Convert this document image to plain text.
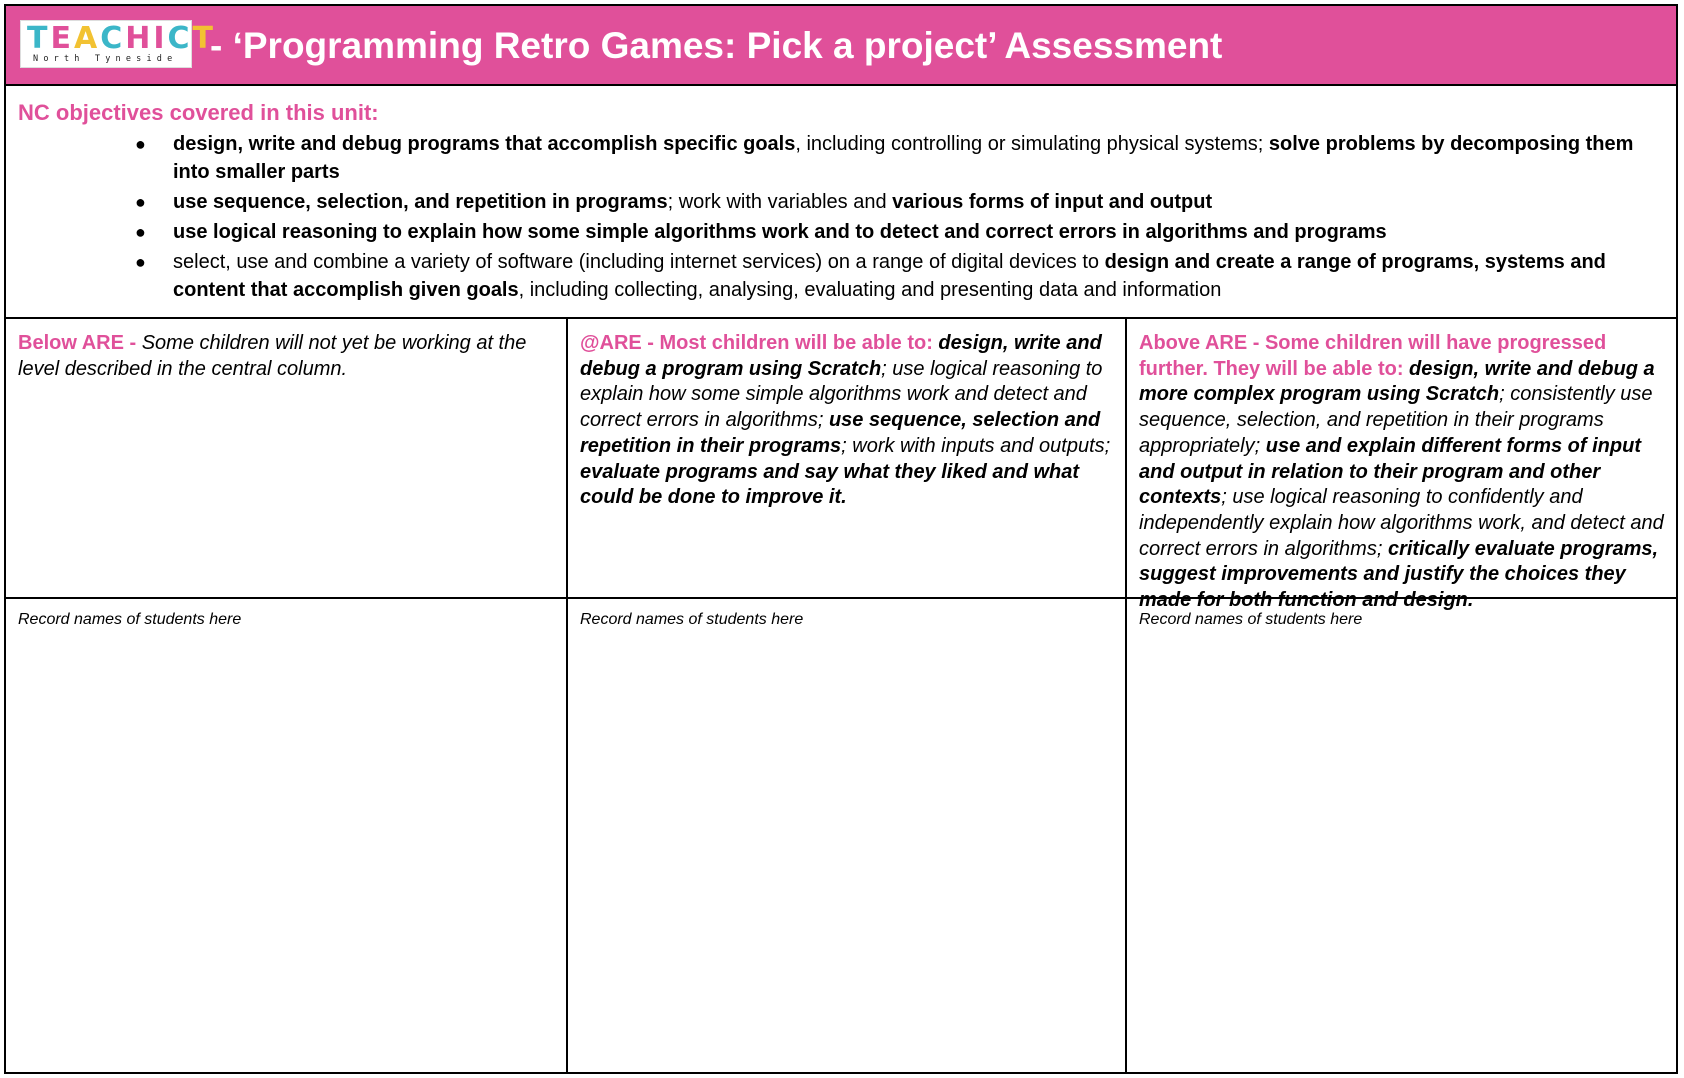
TEACHICT
North Tyneside - ‘Programming Retro Games: Pick a project’ Assessment
NC objectives covered in this unit:
● design, write and debug programs that accomplish specific goals, including controlling or simulating physical systems; solve problems by decomposing them into smaller parts
● use sequence, selection, and repetition in programs; work with variables and various forms of input and output
● use logical reasoning to explain how some simple algorithms work and to detect and correct errors in algorithms and programs
● select, use and combine a variety of software (including internet services) on a range of digital devices to design and create a range of programs, systems and content that accomplish given goals, including collecting, analysing, evaluating and presenting data and information
Below ARE - Some children will not yet be working at the level described in the central column.
Record names of students here
@ARE - Most children will be able to: design, write and debug a program using Scratch; use logical reasoning to explain how some simple algorithms work and detect and correct errors in algorithms; use sequence, selection and repetition in their programs; work with inputs and outputs; evaluate programs and say what they liked and what could be done to improve it.
Record names of students here
Above ARE - Some children will have progressed further. They will be able to: design, write and debug a more complex program using Scratch; consistently use sequence, selection, and repetition in their programs appropriately; use and explain different forms of input and output in relation to their program and other contexts; use logical reasoning to confidently and independently explain how algorithms work, and detect and correct errors in algorithms; critically evaluate programs, suggest improvements and justify the choices they made for both function and design.
Record names of students here
